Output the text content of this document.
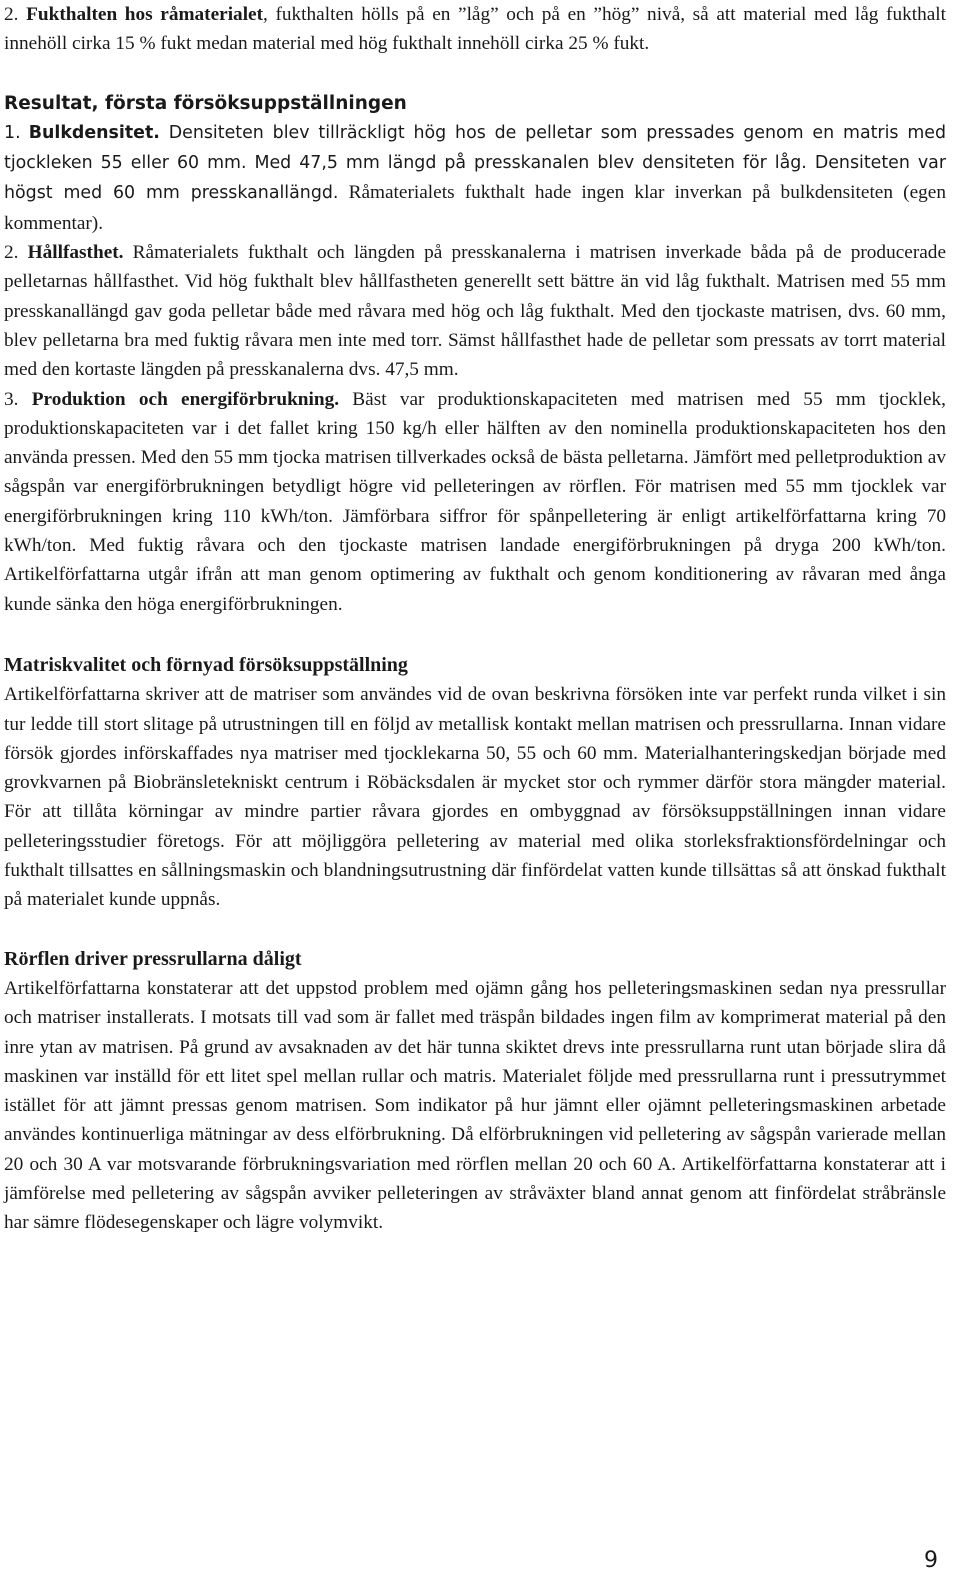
2. Fukthalten hos råmaterialet, fukthalten hölls på en ”låg” och på en ”hög” nivå, så att material med låg fukthalt innehöll cirka 15 % fukt medan material med hög fukthalt innehöll cirka 25 % fukt.

Resultat, första försöksuppställningen

1. Bulkdensitet. Densiteten blev tillräckligt hög hos de pelletar som pressades genom en matris med tjockleken 55 eller 60 mm. Med 47,5 mm längd på presskanalen blev densiteten för låg. Densiteten var högst med 60 mm presskanallängd. Råmaterialets fukthalt hade ingen klar inverkan på bulkdensiteten (egen kommentar).

2. Hållfasthet. Råmaterialets fukthalt och längden på presskanalerna i matrisen inverkade båda på de producerade pelletarnas hållfasthet. Vid hög fukthalt blev hållfastheten generellt sett bättre än vid låg fukthalt. Matrisen med 55 mm presskanallängd gav goda pelletar både med råvara med hög och låg fukthalt. Med den tjockaste matrisen, dvs. 60 mm, blev pelletarna bra med fuktig råvara men inte med torr. Sämst hållfasthet hade de pelletar som pressats av torrt material med den kortaste längden på presskanalerna dvs. 47,5 mm.

3. Produktion och energiförbrukning. Bäst var produktionskapaciteten med matrisen med 55 mm tjocklek, produktionskapaciteten var i det fallet kring 150 kg/h eller hälften av den nominella produktionskapaciteten hos den använda pressen. Med den 55 mm tjocka matrisen tillverkades också de bästa pelletarna. Jämfört med pelletproduktion av sågspån var energiförbrukningen betydligt högre vid pelleteringen av rörflen. För matrisen med 55 mm tjocklek var energiförbrukningen kring 110 kWh/ton. Jämförbara siffror för spånpelletering är enligt artikelförfattarna kring 70 kWh/ton. Med fuktig råvara och den tjockaste matrisen landade energiförbrukningen på dryga 200 kWh/ton. Artikelförfattarna utgår ifrån att man genom optimering av fukthalt och genom konditionering av råvaran med ånga kunde sänka den höga energiförbrukningen.

Matriskvalitet och förnyad försöksuppställning

Artikelförfattarna skriver att de matriser som användes vid de ovan beskrivna försöken inte var perfekt runda vilket i sin tur ledde till stort slitage på utrustningen till en följd av metallisk kontakt mellan matrisen och pressrullarna. Innan vidare försök gjordes införskaffades nya matriser med tjocklekarna 50, 55 och 60 mm. Materialhanteringskedjan började med grovkvarnen på Biobränsletekniskt centrum i Röbäcksdalen är mycket stor och rymmer därför stora mängder material. För att tillåta körningar av mindre partier råvara gjordes en ombyggnad av försöksuppställningen innan vidare pelleteringsstudier företogs. För att möjliggöra pelletering av material med olika storleksfraktionsfördelningar och fukthalt tillsattes en sållningsmaskin och blandningsutrustning där finfördelat vatten kunde tillsättas så att önskad fukthalt på materialet kunde uppnås.

Rörflen driver pressrullarna dåligt

Artikelförfattarna konstaterar att det uppstod problem med ojämn gång hos pelleteringsmaskinen sedan nya pressrullar och matriser installerats. I motsats till vad som är fallet med träspån bildades ingen film av komprimerat material på den inre ytan av matrisen. På grund av avsaknaden av det här tunna skiktet drevs inte pressrullarna runt utan började slira då maskinen var inställd för ett litet spel mellan rullar och matris. Materialet följde med pressrullarna runt i pressutrymmet istället för att jämnt pressas genom matrisen. Som indikator på hur jämnt eller ojämnt pelleteringsmaskinen arbetade användes kontinuerliga mätningar av dess elförbrukning. Då elförbrukningen vid pelletering av sågspån varierade mellan 20 och 30 A var motsvarande förbrukningsvariation med rörflen mellan 20 och 60 A. Artikelförfattarna konstaterar att i jämförelse med pelletering av sågspån avviker pelleteringen av stråväxter bland annat genom att finfördelat stråbränsle har sämre flödesegenskaper och lägre volymvikt.

9
